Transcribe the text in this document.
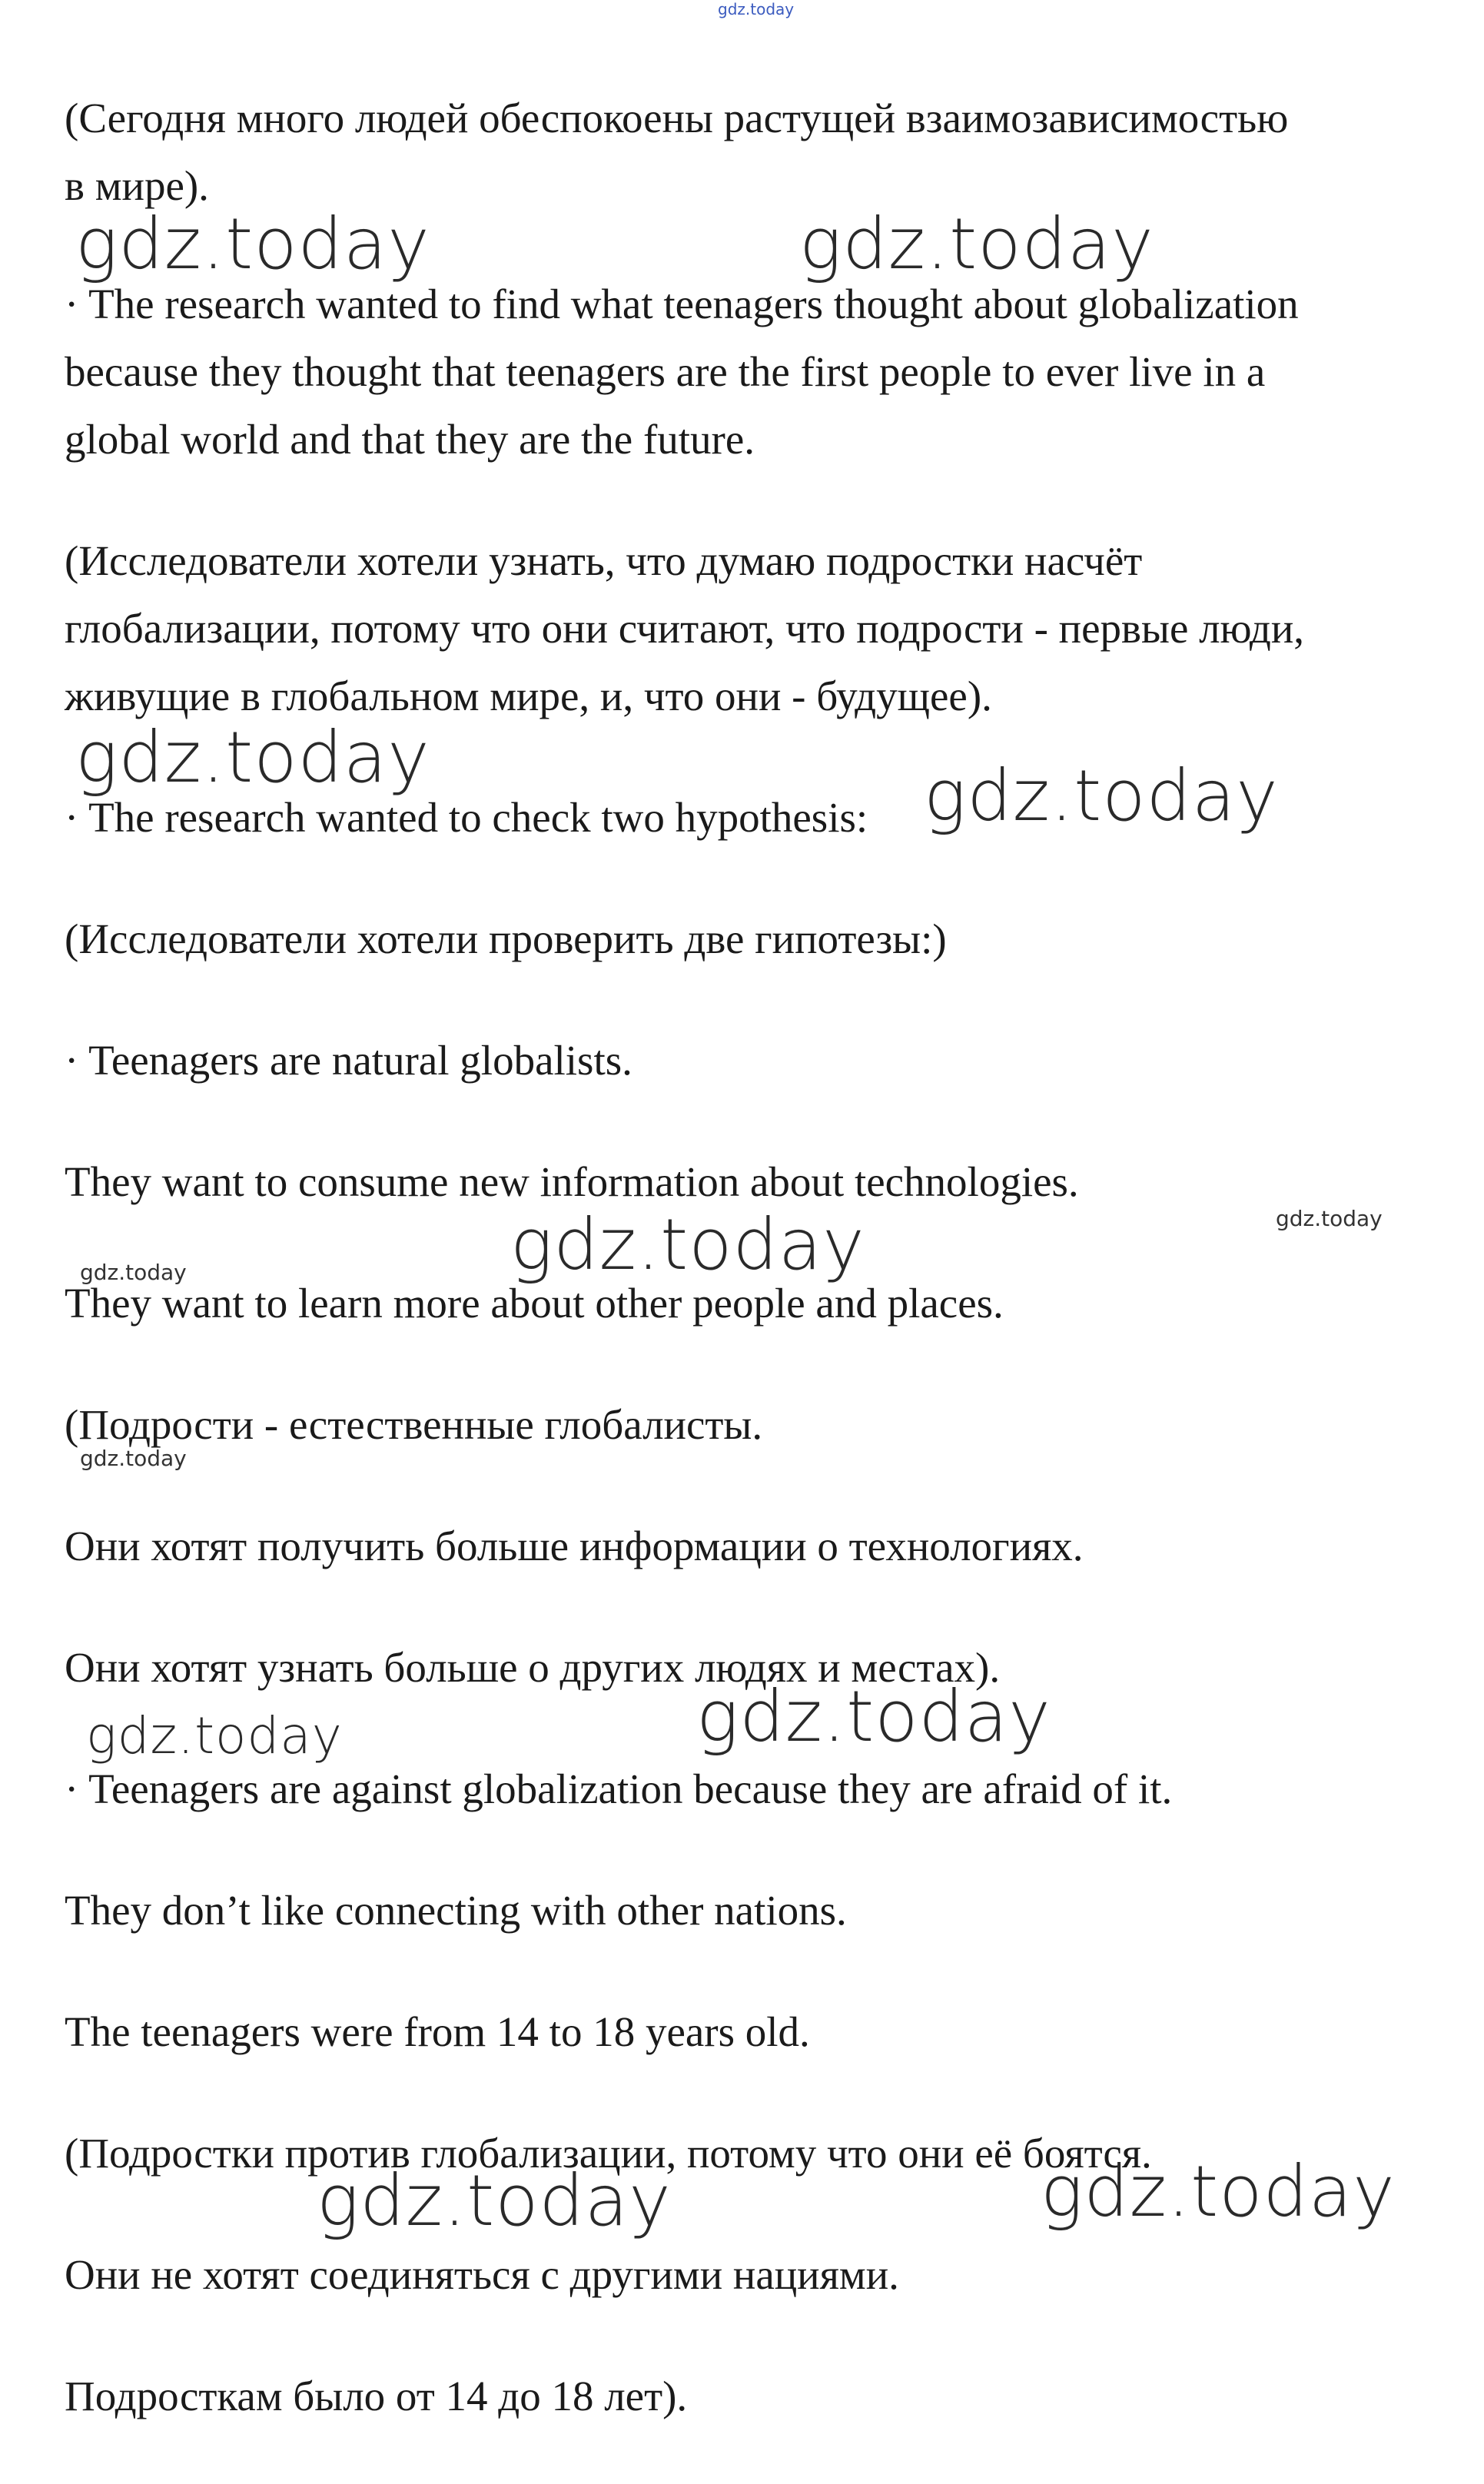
gdz.today
(Сегодня много людей обеспокоены растущей взаимозависимостью
в мире).
· The research wanted to find what teenagers thought about globalization
because they thought that teenagers are the first people to ever live in a
global world and that they are the future.
(Исследователи хотели узнать, что думаю подростки насчёт
глобализации, потому что они считают, что подрости - первые люди,
живущие в глобальном мире, и, что они - будущее).
· The research wanted to check two hypothesis:
(Исследователи хотели проверить две гипотезы:)
· Teenagers are natural globalists.
They want to consume new information about technologies.
They want to learn more about other people and places.
(Подрости - естественные глобалисты.
Они хотят получить больше информации о технологиях.
Они хотят узнать больше о других людях и местах).
· Teenagers are against globalization because they are afraid of it.
They don’t like connecting with other nations.
The teenagers were from 14 to 18 years old.
(Подростки против глобализации, потому что они её боятся.
Они не хотят соединяться с другими нациями.
Подросткам было от 14 до 18 лет).
gdz.today	gdz.today
gdz.today	gdz.today
gdz.today	gdz.today
gdz.today
gdz.today
gdz.today
gdz.today
gdz.today	gdz.today
